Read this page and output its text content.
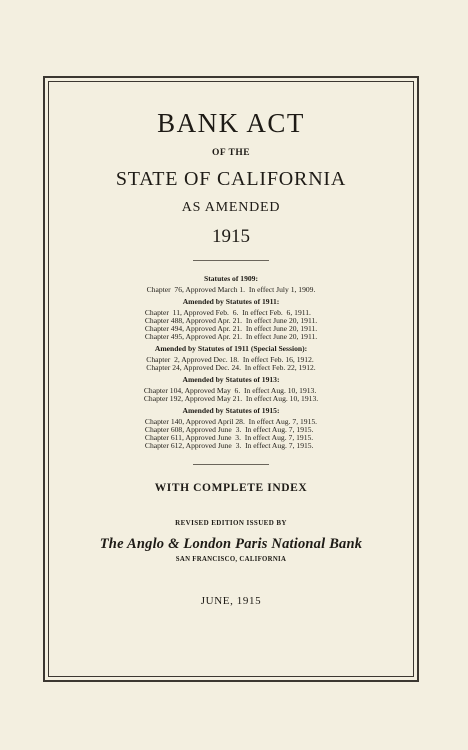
BANK ACT
OF THE
STATE OF CALIFORNIA
AS AMENDED
1915
Statutes of 1909:
Chapter  76, Approved March 1.  In effect July 1, 1909.
Amended by Statutes of 1911:
Chapter  11, Approved Feb.  6.  In effect Feb.  6, 1911.
Chapter 488, Approved Apr. 21.  In effect June 20, 1911.
Chapter 494, Approved Apr. 21.  In effect June 20, 1911.
Chapter 495, Approved Apr. 21.  In effect June 20, 1911.
Amended by Statutes of 1911 (Special Session):
Chapter  2, Approved Dec. 18.  In effect Feb. 16, 1912.
Chapter 24, Approved Dec. 24.  In effect Feb. 22, 1912.
Amended by Statutes of 1913:
Chapter 104, Approved May  6.  In effect Aug. 10, 1913.
Chapter 192, Approved May 21.  In effect Aug. 10, 1913.
Amended by Statutes of 1915:
Chapter 140, Approved April 28.  In effect Aug. 7, 1915.
Chapter 608, Approved June  3.  In effect Aug. 7, 1915.
Chapter 611, Approved June  3.  In effect Aug. 7, 1915.
Chapter 612, Approved June  3.  In effect Aug. 7, 1915.
WITH COMPLETE INDEX
REVISED EDITION ISSUED BY
The Anglo & London Paris National Bank
SAN FRANCISCO, CALIFORNIA
JUNE, 1915
